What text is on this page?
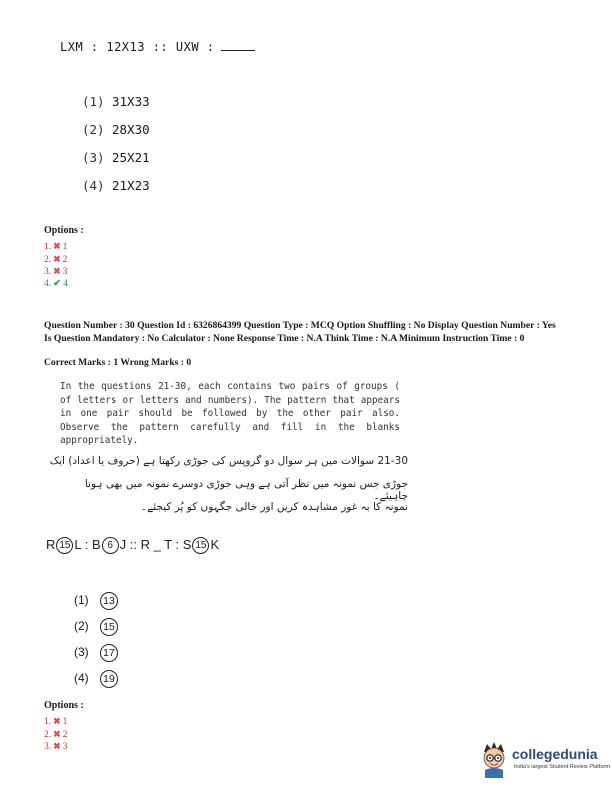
LXM : 12X13 :: UXW :
(1) 31X33
(2) 28X30
(3) 25X21
(4) 21X23
Options :
1. ✖ 1
2. ✖ 2
3. ✖ 3
4. ✔ 4
Question Number : 30 Question Id : 6326864399 Question Type : MCQ Option Shuffling : No Display Question Number : Yes Is Question Mandatory : No Calculator : None Response Time : N.A Think Time : N.A Minimum Instruction Time : 0
Correct Marks : 1 Wrong Marks : 0
In the questions 21-30, each contains two pairs of groups ( of letters or letters and numbers). The pattern that appears in one pair should be followed by the other pair also. Observe the pattern carefully and fill in the blanks appropriately.
21-30 سوالات میں ہر سوال دو گروپس کی جوڑی رکھتا ہے (حروف یا اعداد) ایک
جوڑی جس نمونہ میں نظر آتی ہے وہی جوڑی دوسرے نمونہ میں بھی ہونا چاہیئے۔
نمونہ کا بہ غور مشاہدہ کریں اور خالی جگہوں کو پُر کیجئے۔
R 15 L : B 6 J :: R _ T : S 15 K
(1) 13
(2) 15
(3) 17
(4) 19
Options :
1. ✖ 1
2. ✖ 2
3. ✖ 3	collegedunia
India's largest Student Review Platform
